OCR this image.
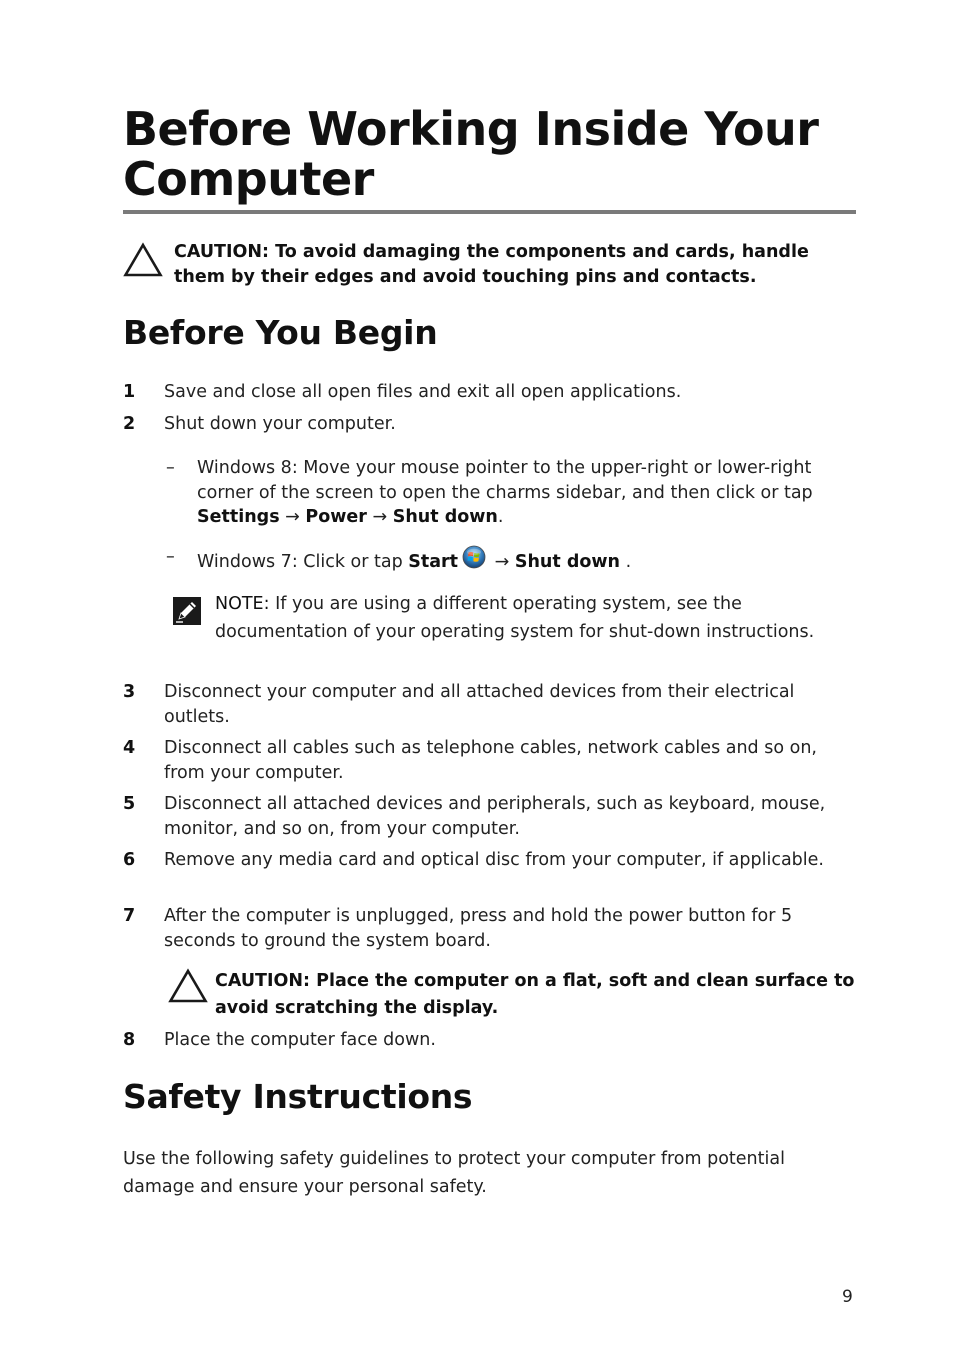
Before Working Inside Your Computer
CAUTION: To avoid damaging the components and cards, handle them by their edges and avoid touching pins and contacts.
Before You Begin
1 Save and close all open files and exit all open applications.
2 Shut down your computer.
– Windows 8: Move your mouse pointer to the upper-right or lower-right corner of the screen to open the charms sidebar, and then click or tap Settings → Power → Shut down.
– Windows 7: Click or tap Start → Shut down .
NOTE: If you are using a different operating system, see the documentation of your operating system for shut-down instructions.
3 Disconnect your computer and all attached devices from their electrical outlets.
4 Disconnect all cables such as telephone cables, network cables and so on, from your computer.
5 Disconnect all attached devices and peripherals, such as keyboard, mouse, monitor, and so on, from your computer.
6 Remove any media card and optical disc from your computer, if applicable.
7 After the computer is unplugged, press and hold the power button for 5 seconds to ground the system board.
CAUTION: Place the computer on a flat, soft and clean surface to avoid scratching the display.
8 Place the computer face down.
Safety Instructions

Use the following safety guidelines to protect your computer from potential damage and ensure your personal safety.

9
